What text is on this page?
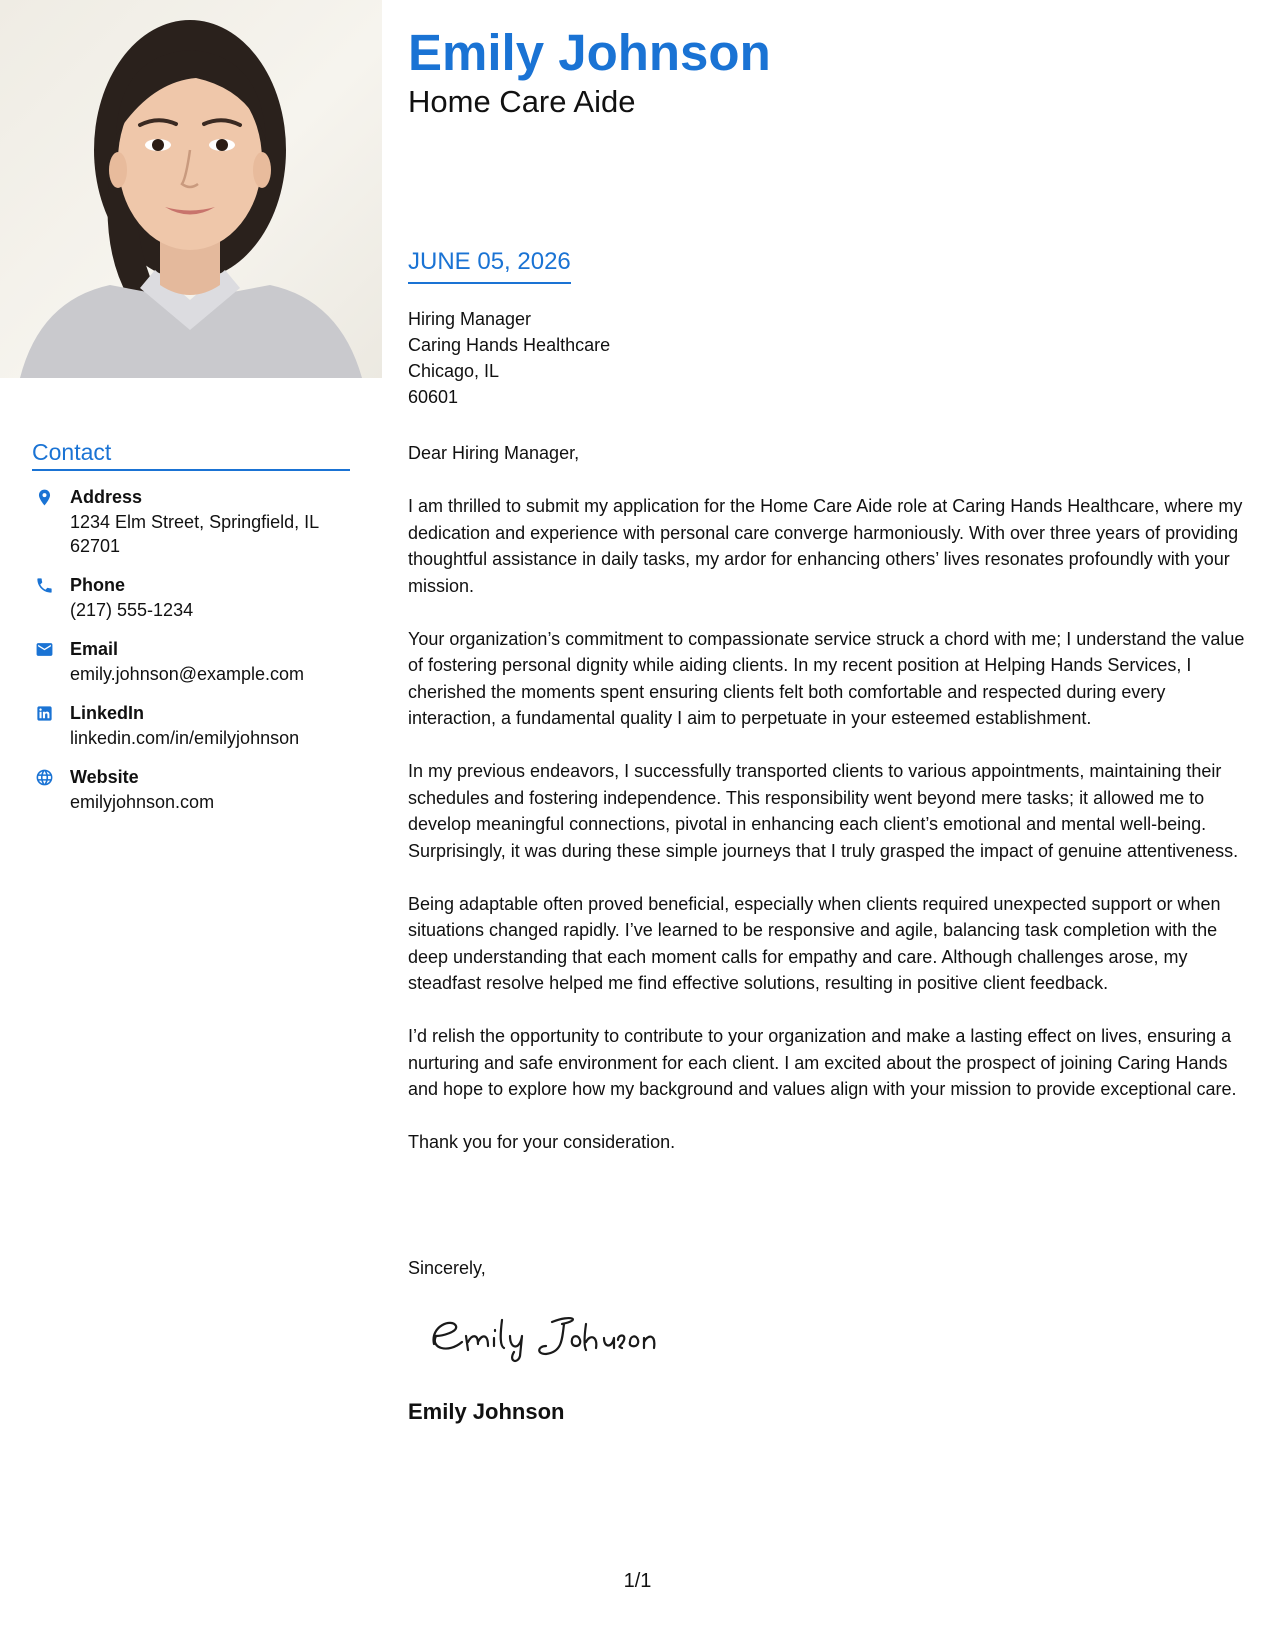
Contact
Address
1234 Elm Street, Springfield, IL 62701
Phone
(217) 555-1234
Email
emily.johnson@example.com
LinkedIn
linkedin.com/in/emilyjohnson
Website
emilyjohnson.com
Emily Johnson
Home Care Aide
JUNE 05, 2026
Hiring Manager
Caring Hands Healthcare
Chicago, IL
60601
Dear Hiring Manager,

I am thrilled to submit my application for the Home Care Aide role at Caring Hands Healthcare, where my dedication and experience with personal care converge harmoniously. With over three years of providing thoughtful assistance in daily tasks, my ardor for enhancing others’ lives resonates profoundly with your mission.

Your organization’s commitment to compassionate service struck a chord with me; I understand the value of fostering personal dignity while aiding clients. In my recent position at Helping Hands Services, I cherished the moments spent ensuring clients felt both comfortable and respected during every interaction, a fundamental quality I aim to perpetuate in your esteemed establishment.

In my previous endeavors, I successfully transported clients to various appointments, maintaining their schedules and fostering independence. This responsibility went beyond mere tasks; it allowed me to develop meaningful connections, pivotal in enhancing each client’s emotional and mental well-being. Surprisingly, it was during these simple journeys that I truly grasped the impact of genuine attentiveness.

Being adaptable often proved beneficial, especially when clients required unexpected support or when situations changed rapidly. I’ve learned to be responsive and agile, balancing task completion with the deep understanding that each moment calls for empathy and care. Although challenges arose, my steadfast resolve helped me find effective solutions, resulting in positive client feedback.

I’d relish the opportunity to contribute to your organization and make a lasting effect on lives, ensuring a nurturing and safe environment for each client. I am excited about the prospect of joining Caring Hands and hope to explore how my background and values align with your mission to provide exceptional care.

Thank you for your consideration.

Sincerely,
Emily Johnson
1/1
